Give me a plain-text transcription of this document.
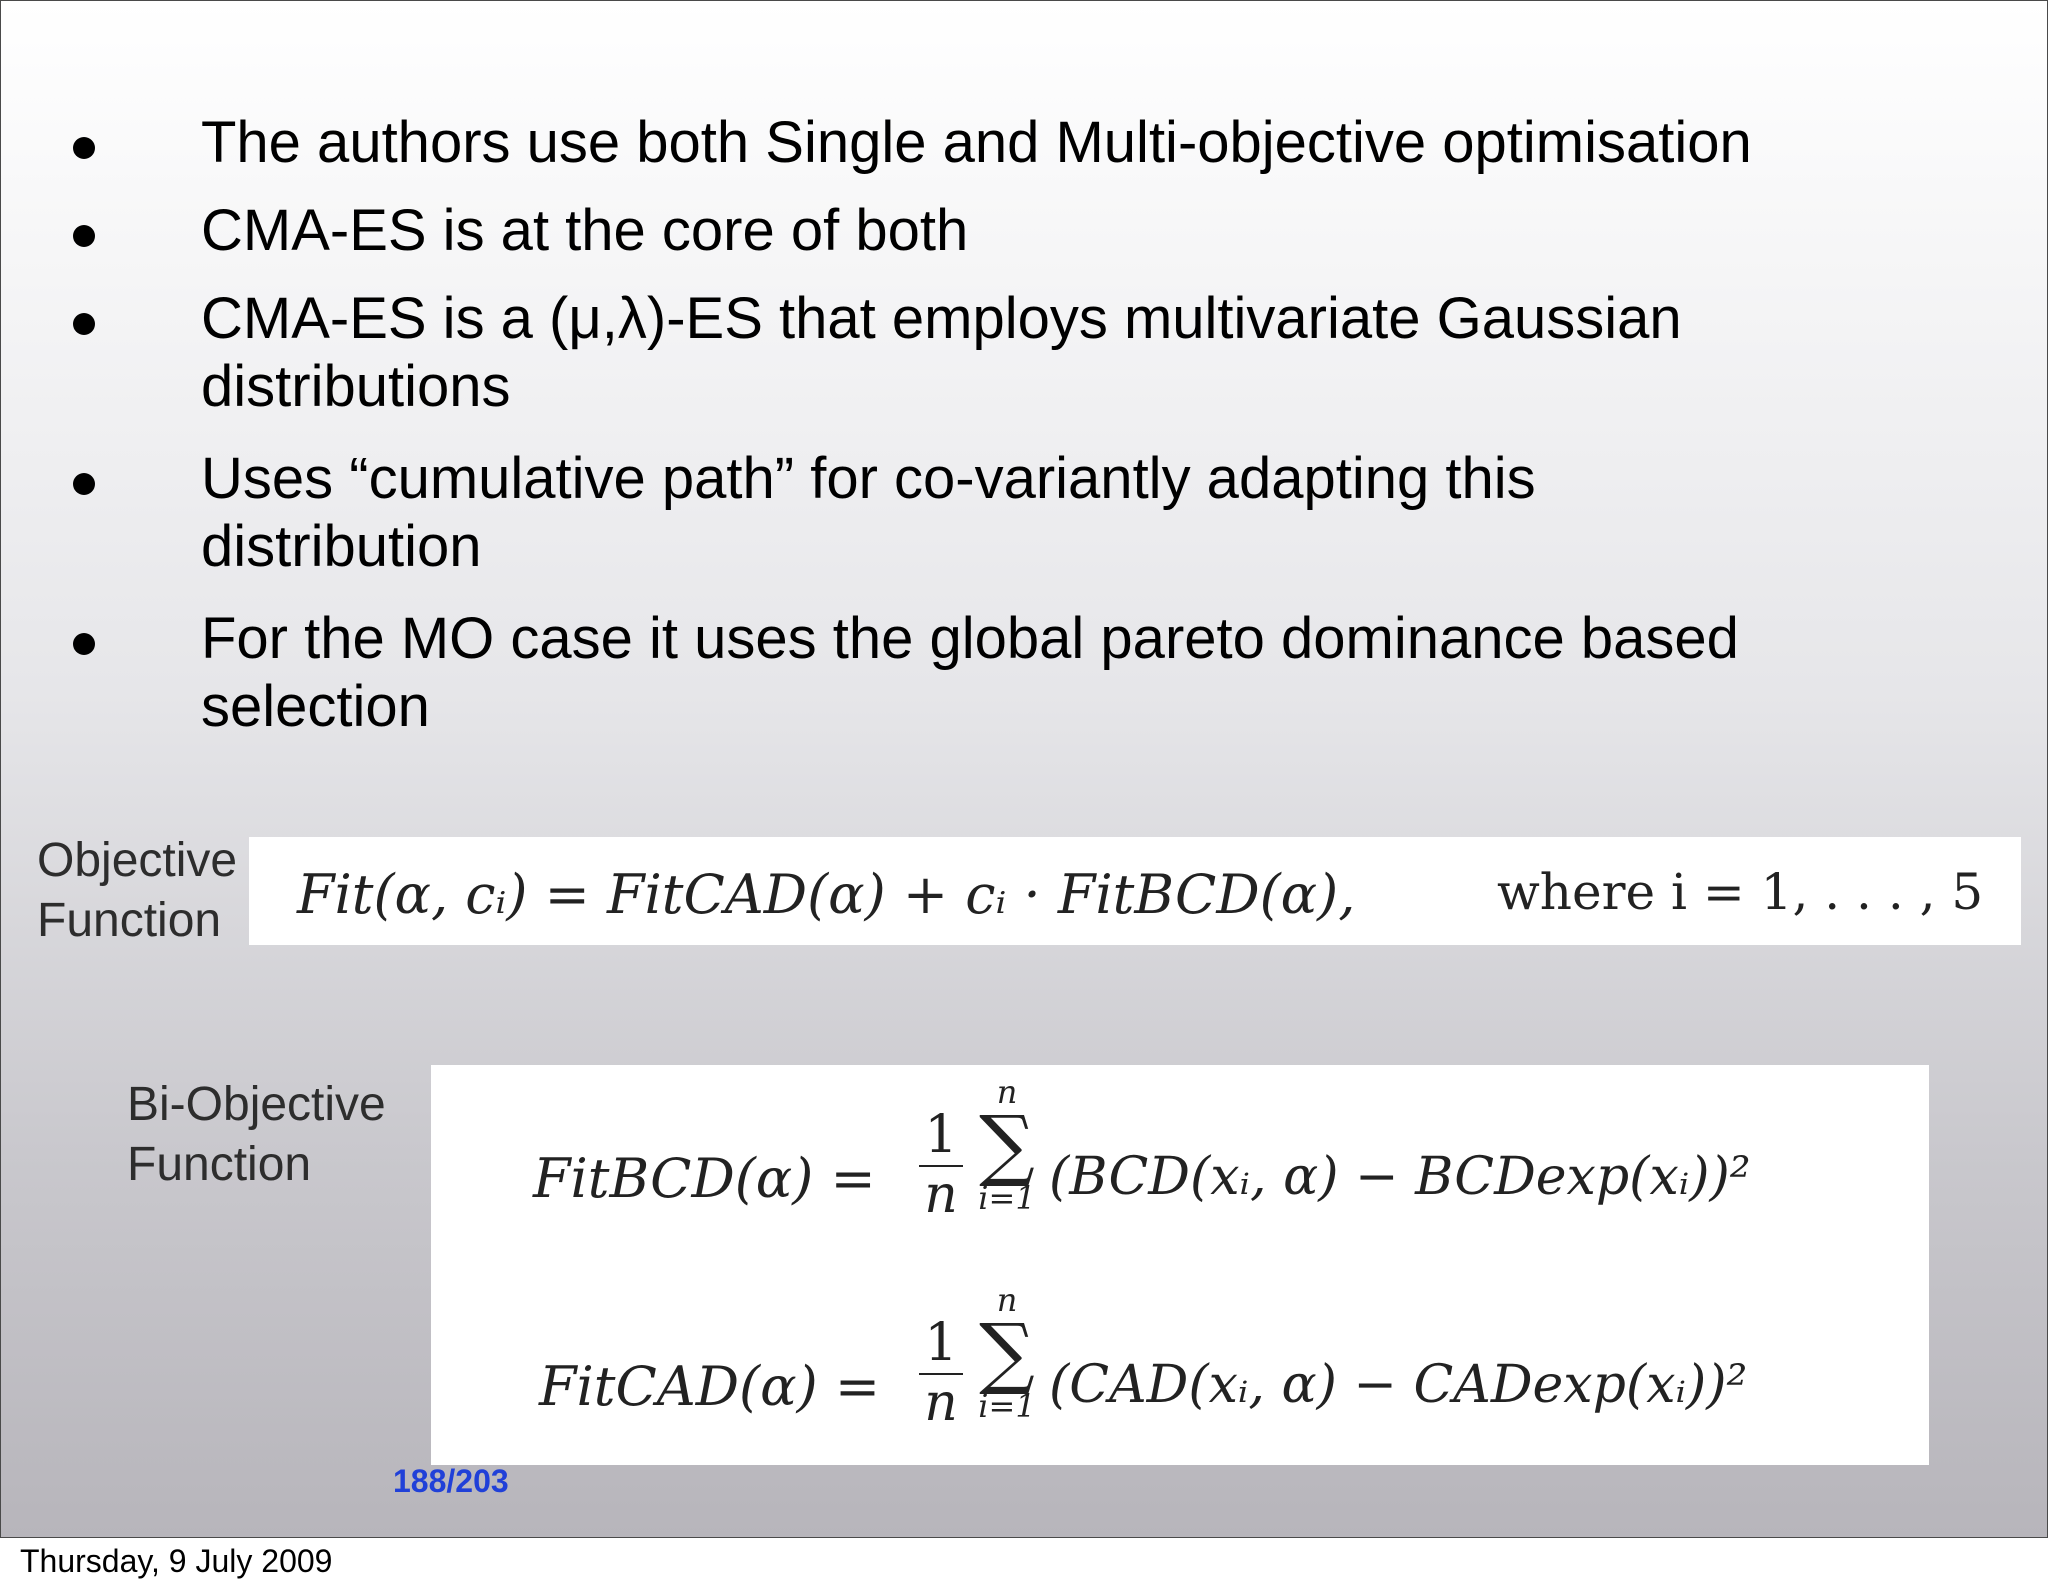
The authors use both Single and Multi-objective optimisation
CMA-ES is at the core of both
CMA-ES is a (μ,λ)-ES that employs multivariate Gaussian
distributions
Uses “cumulative path” for co-variantly adapting this
distribution
For the MO case it uses the global pareto dominance based
selection
Objective
Function Fit(α, cᵢ) = FitCAD(α) + cᵢ · FitBCD(α),	where i = 1, . . . , 5
Bi-Objective
Function	FitBCD(α) =
1
n
n
∑
i=1 (BCD(xᵢ, α) − BCDexp(xᵢ))²
FitCAD(α) =
1
n
n
∑
i=1 (CAD(xᵢ, α) − CADexp(xᵢ))²
188/203
Thursday, 9 July 2009
